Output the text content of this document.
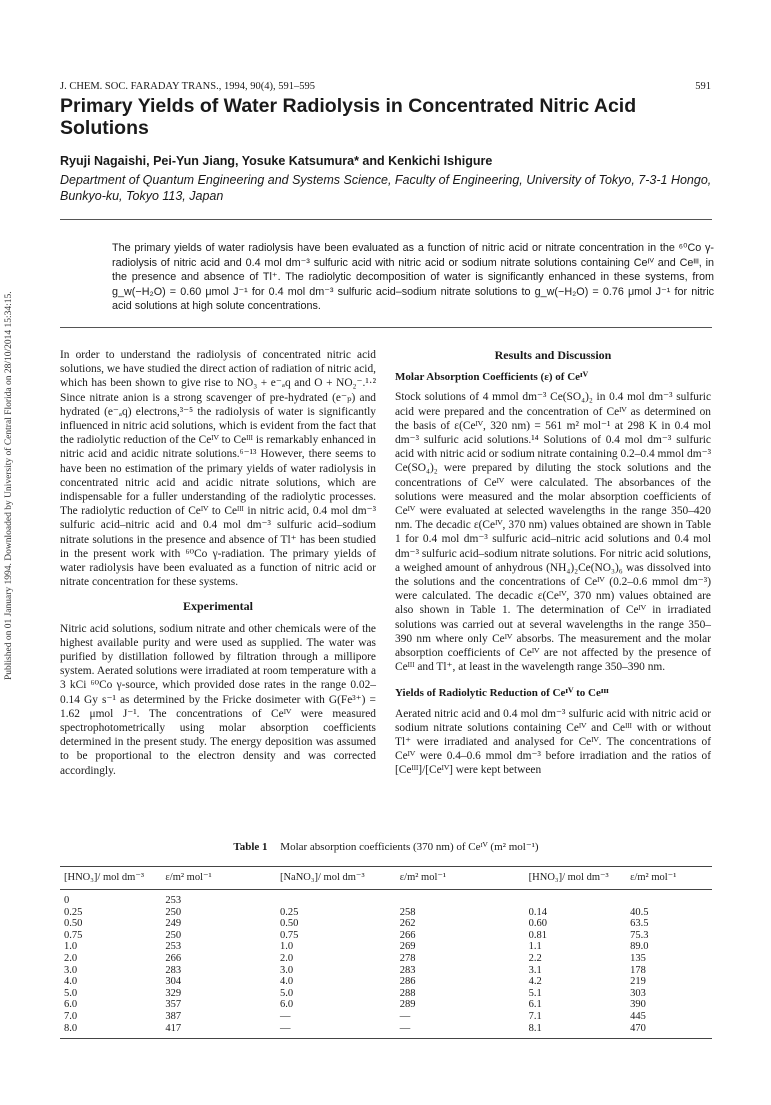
Published on 01 January 1994. Downloaded by University of Central Florida on 28/10/2014 15:34:15.
J. CHEM. SOC. FARADAY TRANS., 1994, 90(4), 591–595	591
Primary Yields of Water Radiolysis in Concentrated Nitric Acid Solutions
Ryuji Nagaishi, Pei-Yun Jiang, Yosuke Katsumura* and Kenkichi Ishigure
Department of Quantum Engineering and Systems Science, Faculty of Engineering, University of Tokyo, 7-3-1 Hongo, Bunkyo-ku, Tokyo 113, Japan
The primary yields of water radiolysis have been evaluated as a function of nitric acid or nitrate concentration in the ⁶⁰Co γ-radiolysis of nitric acid and 0.4 mol dm⁻³ sulfuric acid with nitric acid or sodium nitrate solutions containing Ceᴵⱽ and Ceᴵᴵᴵ, in the presence and absence of Tl⁺. The radiolytic decomposition of water is significantly enhanced in these systems, from g_w(−H₂O) = 0.60 μmol J⁻¹ for 0.4 mol dm⁻³ sulfuric acid–sodium nitrate solutions to g_w(−H₂O) = 0.76 μmol J⁻¹ for nitric acid solutions at high solute concentrations.

In order to understand the radiolysis of concentrated nitric acid solutions, we have studied the direct action of radiation of nitric acid, which has been shown to give rise to NO₃ + e⁻ₐq and O + NO₂⁻.¹·² Since nitrate anion is a strong scavenger of pre-hydrated (e⁻ₚ) and hydrated (e⁻ₐq) electrons,³⁻⁵ the radiolysis of water is significantly influenced in nitric acid solutions, which is evident from the fact that the radiolytic reduction of the Ceᴵⱽ to Ceᴵᴵᴵ is remarkably enhanced in nitric acid and acidic nitrate solutions.⁶⁻¹³ However, there seems to have been no estimation of the primary yields of water radiolysis in concentrated nitric acid and acidic nitrate solutions, which are indispensable for a fuller understanding of the radiolytic processes. The radiolytic reduction of Ceᴵⱽ to Ceᴵᴵᴵ in nitric acid, 0.4 mol dm⁻³ sulfuric acid–nitric acid and 0.4 mol dm⁻³ sulfuric acid–sodium nitrate solutions in the presence and absence of Tl⁺ has been studied in the present work with ⁶⁰Co γ-radiation. The primary yields of water radiolysis have been evaluated as a function of nitric acid or nitrate concentration for these systems.

Experimental

Nitric acid solutions, sodium nitrate and other chemicals were of the highest available purity and were used as supplied. The water was purified by distillation followed by filtration through a millipore system. Aerated solutions were irradiated at room temperature with a 3 kCi ⁶⁰Co γ-source, which provided dose rates in the range 0.02–0.14 Gy s⁻¹ as determined by the Fricke dosimeter with G(Fe³⁺) = 1.62 μmol J⁻¹. The concentrations of Ceᴵⱽ were measured spectrophotometrically using molar absorption coefficients determined in the present study. The energy deposition was assumed to be proportional to the electron density and was corrected accordingly.

Results and Discussion
Molar Absorption Coefficients (ε) of Ceᴵⱽ

Stock solutions of 4 mmol dm⁻³ Ce(SO₄)₂ in 0.4 mol dm⁻³ sulfuric acid were prepared and the concentration of Ceᴵⱽ as determined on the basis of ε(Ceᴵⱽ, 320 nm) = 561 m² mol⁻¹ at 298 K in 0.4 mol dm⁻³ sulfuric acid solutions.¹⁴ Solutions of 0.4 mol dm⁻³ sulfuric acid with nitric acid or sodium nitrate containing 0.2–0.4 mmol dm⁻³ Ce(SO₄)₂ were prepared by diluting the stock solutions and the concentrations of Ceᴵⱽ were calculated. The absorbances of the solutions were measured and the molar absorption coefficients of Ceᴵⱽ were evaluated at selected wavelengths in the range 350–420 nm. The decadic ε(Ceᴵⱽ, 370 nm) values obtained are shown in Table 1 for 0.4 mol dm⁻³ sulfuric acid–nitric acid solutions and 0.4 mol dm⁻³ sulfuric acid–sodium nitrate solutions. For nitric acid solutions, a weighed amount of anhydrous (NH₄)₂Ce(NO₃)₆ was dissolved into the solutions and the concentrations of Ceᴵⱽ (0.2–0.6 mmol dm⁻³) were calculated. The decadic ε(Ceᴵⱽ, 370 nm) values obtained are also shown in Table 1. The determination of Ceᴵⱽ in irradiated solutions was carried out at several wavelengths in the range 350–390 nm where only Ceᴵⱽ absorbs. The measurement and the molar absorption coefficients of Ceᴵⱽ are not affected by the presence of Ceᴵᴵᴵ and Tl⁺, at least in the wavelength range 350–390 nm.

Yields of Radiolytic Reduction of Ceᴵⱽ to Ceᴵᴵᴵ

Aerated nitric acid and 0.4 mol dm⁻³ sulfuric acid with nitric acid or sodium nitrate solutions containing Ceᴵⱽ and Ceᴵᴵᴵ with or without Tl⁺ were irradiated and analysed for Ceᴵⱽ. The concentrations of Ceᴵⱽ were 0.4–0.6 mmol dm⁻³ before irradiation and the ratios of [Ceᴵᴵᴵ]/[Ceᴵⱽ] were kept between

Table 1 Molar absorption coefficients (370 nm) of Ceᴵⱽ (m² mol⁻¹)
[HNO₃]/ mol dm⁻³	ε/m² mol⁻¹	[NaNO₃]/ mol dm⁻³	ε/m² mol⁻¹	[HNO₃]/ mol dm⁻³	ε/m² mol⁻¹
0	253				
0.25	250	0.25	258	0.14	40.5
0.50	249	0.50	262	0.60	63.5
0.75	250	0.75	266	0.81	75.3
1.0	253	1.0	269	1.1	89.0
2.0	266	2.0	278	2.2	135
3.0	283	3.0	283	3.1	178
4.0	304	4.0	286	4.2	219
5.0	329	5.0	288	5.1	303
6.0	357	6.0	289	6.1	390
7.0	387	—	—	7.1	445
8.0	417	—	—	8.1	470
